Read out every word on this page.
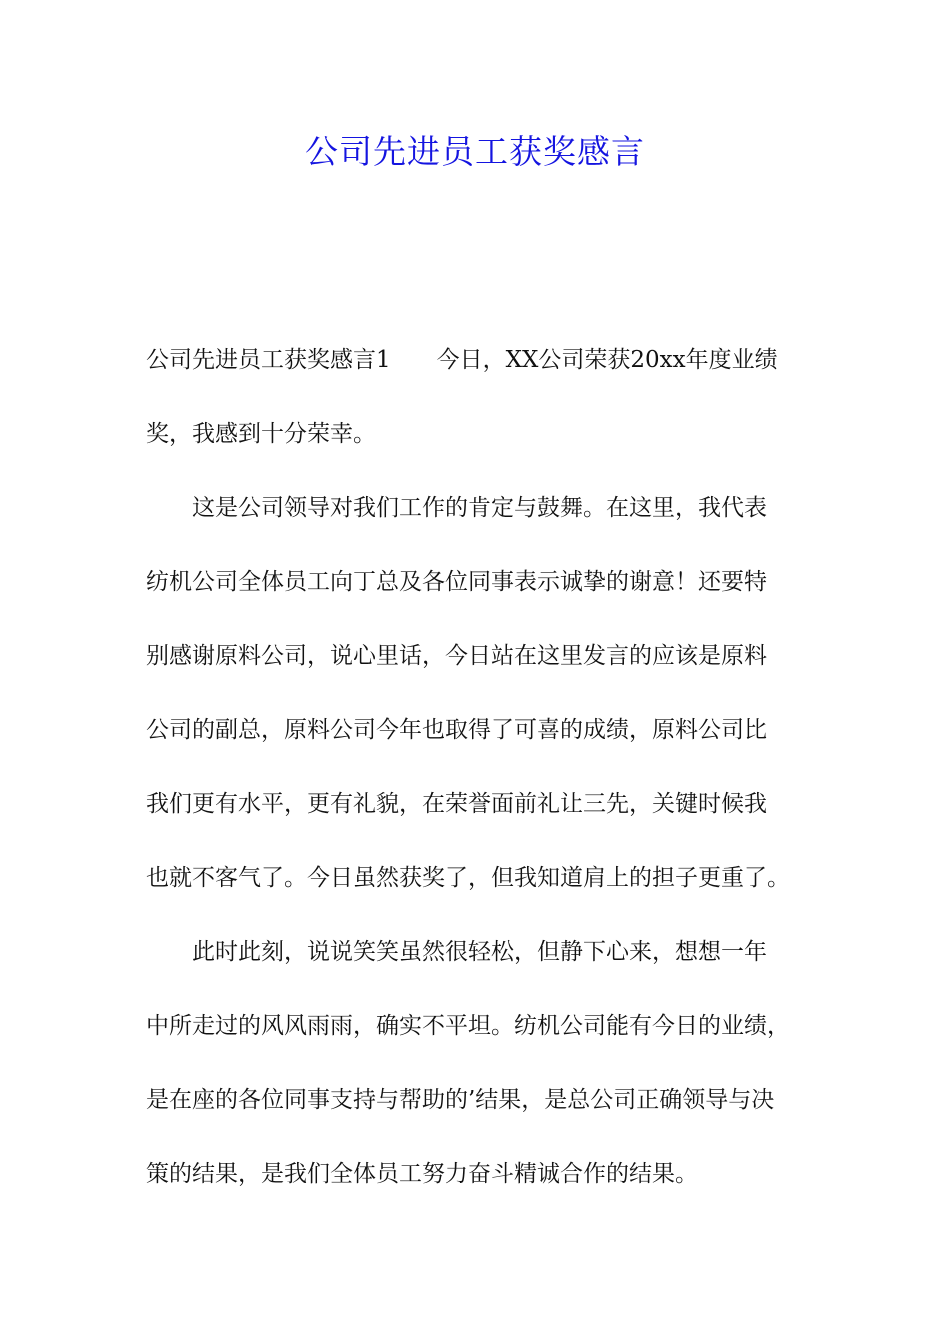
公司先进员工获奖感言
公司先进员工获奖感言1　　今日，XX公司荣获20xx年度业绩
奖，我感到十分荣幸。
这是公司领导对我们工作的肯定与鼓舞。在这里，我代表
纺机公司全体员工向丁总及各位同事表示诚挚的谢意！还要特
别感谢原料公司，说心里话，今日站在这里发言的应该是原料
公司的副总，原料公司今年也取得了可喜的成绩，原料公司比
我们更有水平，更有礼貌，在荣誉面前礼让三先，关键时候我
也就不客气了。今日虽然获奖了，但我知道肩上的担子更重了。
此时此刻，说说笑笑虽然很轻松，但静下心来，想想一年
中所走过的风风雨雨，确实不平坦。纺机公司能有今日的业绩，
是在座的各位同事支持与帮助的’结果，是总公司正确领导与决
策的结果，是我们全体员工努力奋斗精诚合作的结果。
